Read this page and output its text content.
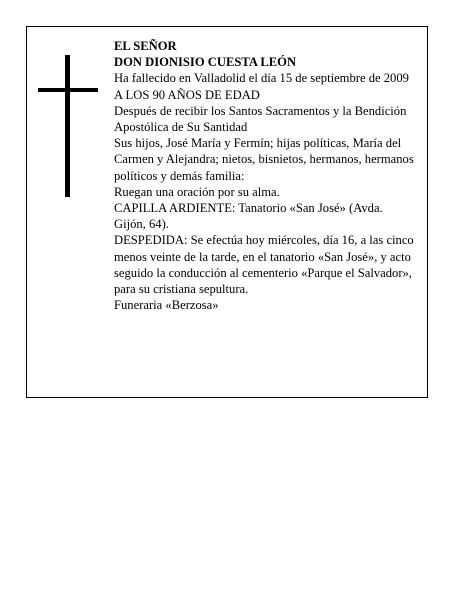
EL SEÑOR

DON DIONISIO CUESTA LEÓN

Ha fallecido en Valladolid el día 15 de septiembre de 2009

A LOS 90 AÑOS DE EDAD

Después de recibir los Santos Sacramentos y la Bendición Apostólica de Su Santidad

Sus hijos, José María y Fermín; hijas políticas, María del Carmen y Alejandra; nietos, bisnietos, hermanos, hermanos políticos y demás familia:

Ruegan una oración por su alma.

CAPILLA ARDIENTE: Tanatorio «San José» (Avda. Gijón, 64).

DESPEDIDA: Se efectúa hoy miércoles, día 16, a las cinco menos veinte de la tarde, en el tanatorio «San José», y acto seguido la conducción al cementerio «Parque el Salvador», para su cristiana sepultura.

Funeraria «Berzosa»
